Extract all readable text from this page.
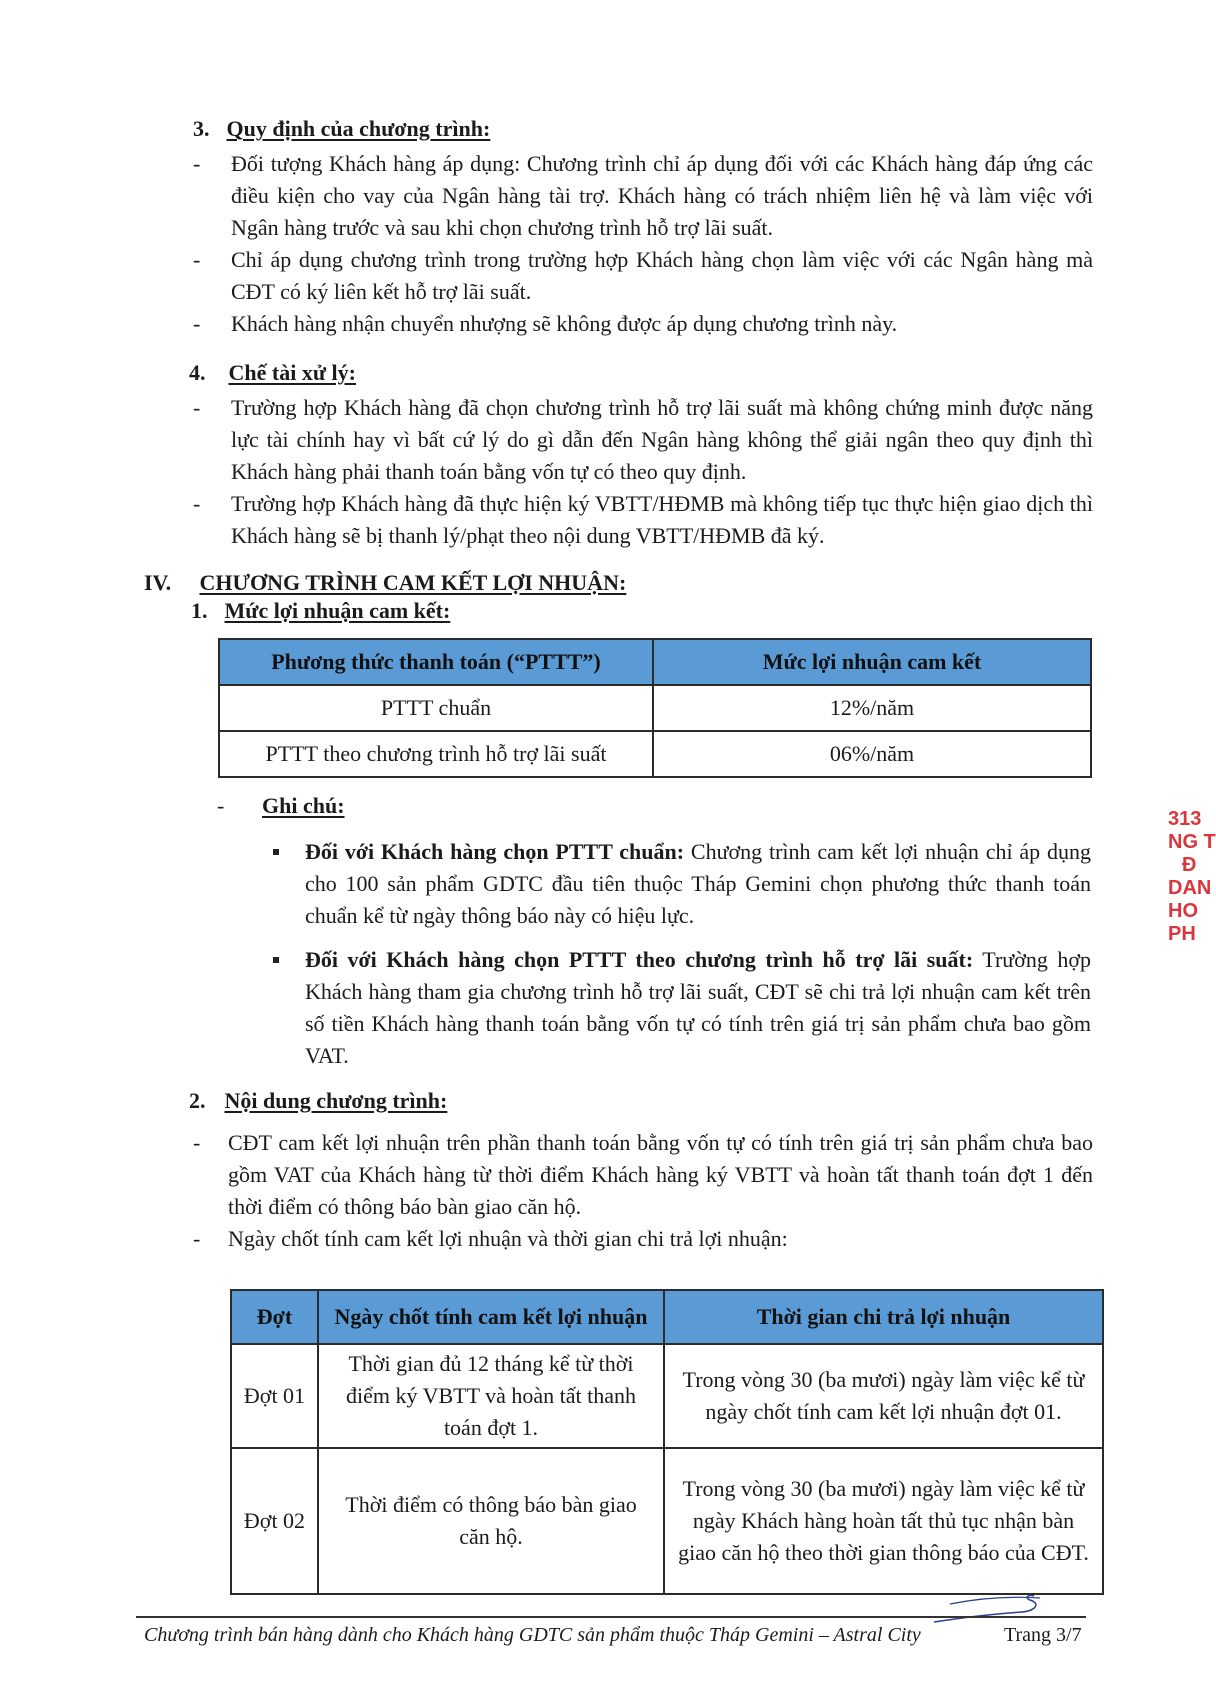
3. Quy định của chương trình:
- Đối tượng Khách hàng áp dụng: Chương trình chỉ áp dụng đối với các Khách hàng đáp ứng các điều kiện cho vay của Ngân hàng tài trợ. Khách hàng có trách nhiệm liên hệ và làm việc với Ngân hàng trước và sau khi chọn chương trình hỗ trợ lãi suất.
- Chỉ áp dụng chương trình trong trường hợp Khách hàng chọn làm việc với các Ngân hàng mà CĐT có ký liên kết hỗ trợ lãi suất.
- Khách hàng nhận chuyển nhượng sẽ không được áp dụng chương trình này.
4. Chế tài xử lý:
- Trường hợp Khách hàng đã chọn chương trình hỗ trợ lãi suất mà không chứng minh được năng lực tài chính hay vì bất cứ lý do gì dẫn đến Ngân hàng không thể giải ngân theo quy định thì Khách hàng phải thanh toán bằng vốn tự có theo quy định.
- Trường hợp Khách hàng đã thực hiện ký VBTT/HĐMB mà không tiếp tục thực hiện giao dịch thì Khách hàng sẽ bị thanh lý/phạt theo nội dung VBTT/HĐMB đã ký.
IV. CHƯƠNG TRÌNH CAM KẾT LỢI NHUẬN:
1. Mức lợi nhuận cam kết:
Phương thức thanh toán (“PTTT”)	Mức lợi nhuận cam kết
PTTT chuẩn	12%/năm
PTTT theo chương trình hỗ trợ lãi suất	06%/năm
- Ghi chú:
Đối với Khách hàng chọn PTTT chuẩn: Chương trình cam kết lợi nhuận chỉ áp dụng cho 100 sản phẩm GDTC đầu tiên thuộc Tháp Gemini chọn phương thức thanh toán chuẩn kể từ ngày thông báo này có hiệu lực.
Đối với Khách hàng chọn PTTT theo chương trình hỗ trợ lãi suất: Trường hợp Khách hàng tham gia chương trình hỗ trợ lãi suất, CĐT sẽ chi trả lợi nhuận cam kết trên số tiền Khách hàng thanh toán bằng vốn tự có tính trên giá trị sản phẩm chưa bao gồm VAT.
313
NG T
Đ
DAN
HO
PH
2. Nội dung chương trình:
- CĐT cam kết lợi nhuận trên phần thanh toán bằng vốn tự có tính trên giá trị sản phẩm chưa bao gồm VAT của Khách hàng từ thời điểm Khách hàng ký VBTT và hoàn tất thanh toán đợt 1 đến thời điểm có thông báo bàn giao căn hộ.
- Ngày chốt tính cam kết lợi nhuận và thời gian chi trả lợi nhuận:
Đợt	Ngày chốt tính cam kết lợi nhuận	Thời gian chi trả lợi nhuận
Đợt 01	Thời gian đủ 12 tháng kể từ thời điểm ký VBTT và hoàn tất thanh toán đợt 1.	Trong vòng 30 (ba mươi) ngày làm việc kể từ ngày chốt tính cam kết lợi nhuận đợt 01.
Đợt 02	Thời điểm có thông báo bàn giao căn hộ.	Trong vòng 30 (ba mươi) ngày làm việc kể từ ngày Khách hàng hoàn tất thủ tục nhận bàn giao căn hộ theo thời gian thông báo của CĐT.
Chương trình bán hàng dành cho Khách hàng GDTC sản phẩm thuộc Tháp Gemini – Astral City	Trang 3/7
